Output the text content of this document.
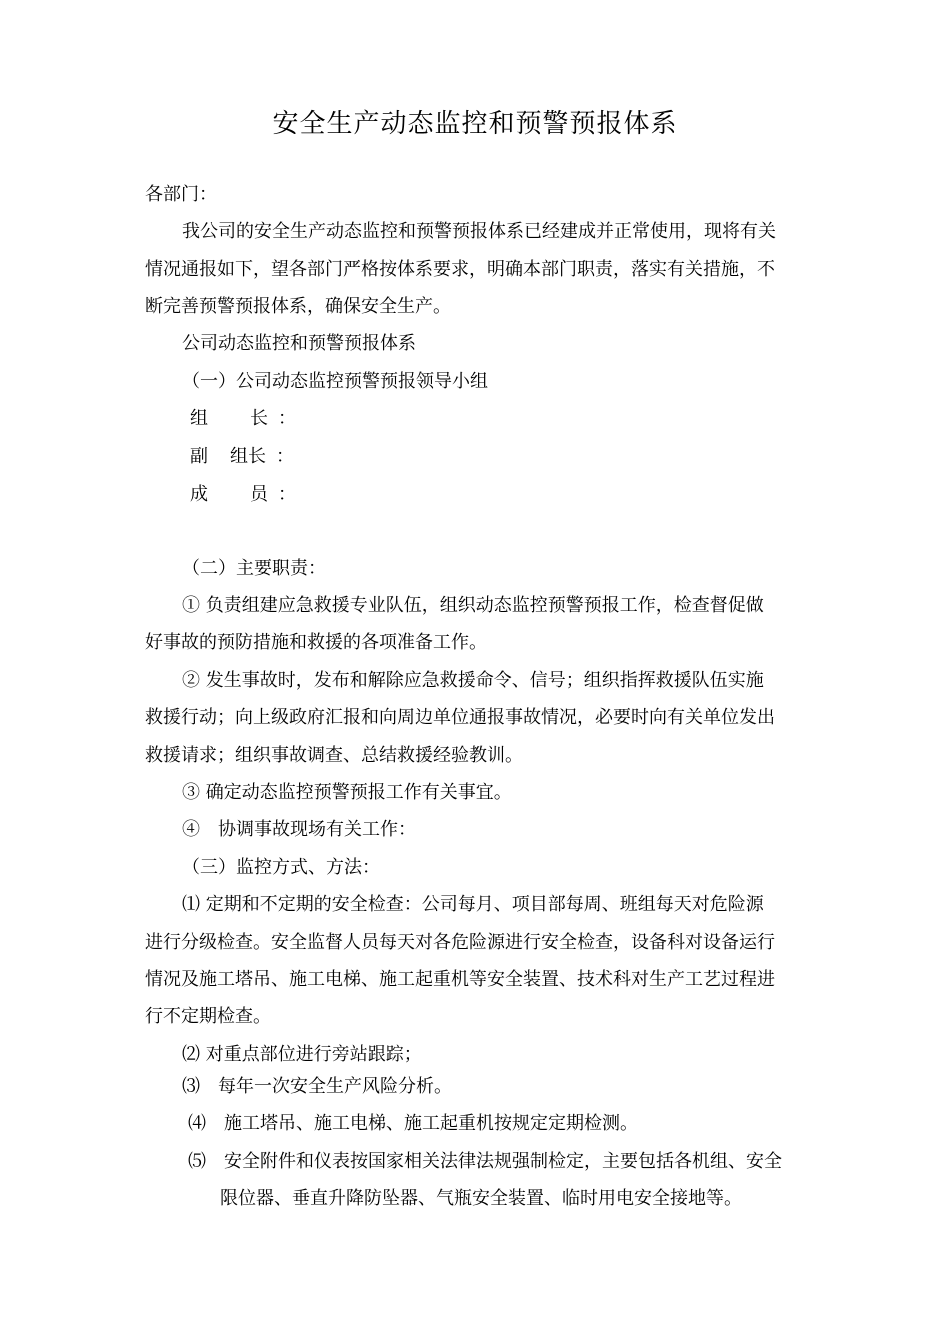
安全生产动态监控和预警预报体系
各部门：
我公司的安全生产动态监控和预警预报体系已经建成并正常使用，现将有关
情况通报如下，望各部门严格按体系要求，明确本部门职责，落实有关措施，不
断完善预警预报体系，确保安全生产。
公司动态监控和预警预报体系
（一）公司动态监控预警预报领导小组
组 长 ：
副 组长 ：
成 员 ：
（二）主要职责：
① 负责组建应急救援专业队伍，组织动态监控预警预报工作，检查督促做
好事故的预防措施和救援的各项准备工作。
② 发生事故时，发布和解除应急救援命令、信号；组织指挥救援队伍实施
救援行动；向上级政府汇报和向周边单位通报事故情况，必要时向有关单位发出
救援请求；组织事故调查、总结救援经验教训。
③ 确定动态监控预警预报工作有关事宜。
④　协调事故现场有关工作：
（三）监控方式、方法：
⑴ 定期和不定期的安全检查：公司每月、项目部每周、班组每天对危险源
进行分级检查。安全监督人员每天对各危险源进行安全检查，设备科对设备运行
情况及施工塔吊、施工电梯、施工起重机等安全装置、技术科对生产工艺过程进
行不定期检查。
⑵ 对重点部位进行旁站跟踪；
⑶　每年一次安全生产风险分析。
⑷　施工塔吊、施工电梯、施工起重机按规定定期检测。
⑸　安全附件和仪表按国家相关法律法规强制检定，主要包括各机组、安全
限位器、垂直升降防坠器、气瓶安全装置、临时用电安全接地等。
